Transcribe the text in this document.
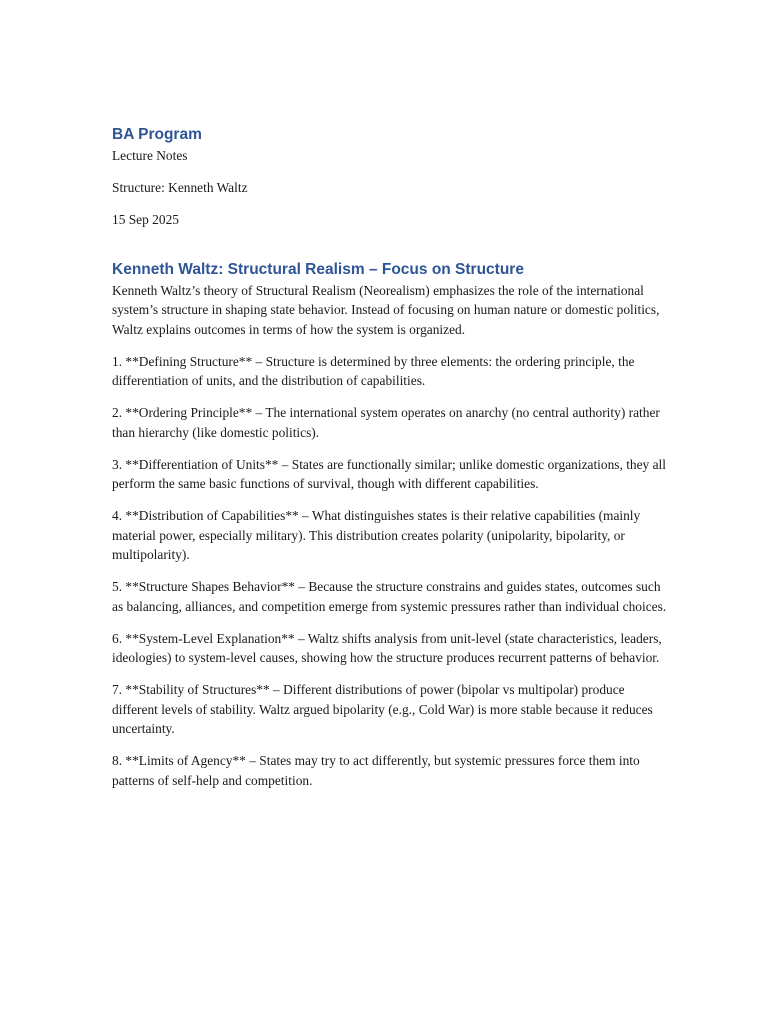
BA Program

Lecture Notes

Structure: Kenneth Waltz

15 Sep 2025

Kenneth Waltz: Structural Realism – Focus on Structure

Kenneth Waltz’s theory of Structural Realism (Neorealism) emphasizes the role of the international system’s structure in shaping state behavior. Instead of focusing on human nature or domestic politics, Waltz explains outcomes in terms of how the system is organized.

1. **Defining Structure** – Structure is determined by three elements: the ordering principle, the differentiation of units, and the distribution of capabilities.

2. **Ordering Principle** – The international system operates on anarchy (no central authority) rather than hierarchy (like domestic politics).

3. **Differentiation of Units** – States are functionally similar; unlike domestic organizations, they all perform the same basic functions of survival, though with different capabilities.

4. **Distribution of Capabilities** – What distinguishes states is their relative capabilities (mainly material power, especially military). This distribution creates polarity (unipolarity, bipolarity, or multipolarity).

5. **Structure Shapes Behavior** – Because the structure constrains and guides states, outcomes such as balancing, alliances, and competition emerge from systemic pressures rather than individual choices.

6. **System-Level Explanation** – Waltz shifts analysis from unit-level (state characteristics, leaders, ideologies) to system-level causes, showing how the structure produces recurrent patterns of behavior.

7. **Stability of Structures** – Different distributions of power (bipolar vs multipolar) produce different levels of stability. Waltz argued bipolarity (e.g., Cold War) is more stable because it reduces uncertainty.

8. **Limits of Agency** – States may try to act differently, but systemic pressures force them into patterns of self-help and competition.
